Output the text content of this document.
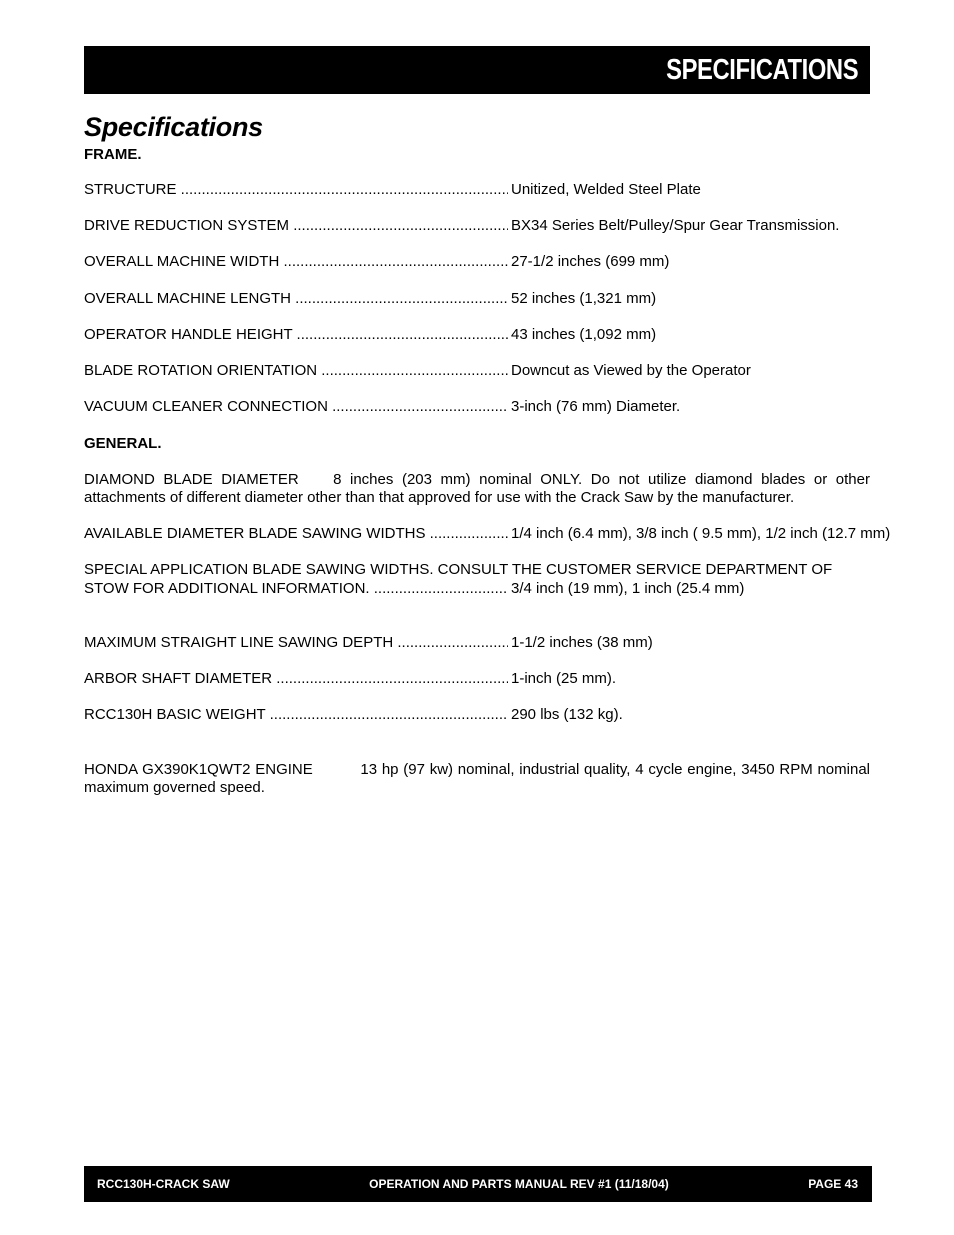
SPECIFICATIONS
Specifications
FRAME.
STRUCTURE .....	Unitized, Welded Steel Plate
DRIVE REDUCTION SYSTEM .....	BX34 Series Belt/Pulley/Spur Gear Transmission.
OVERALL MACHINE WIDTH .....	27-1/2 inches (699 mm)
OVERALL MACHINE LENGTH .....	52 inches (1,321 mm)
OPERATOR HANDLE HEIGHT .....	43 inches (1,092 mm)
BLADE ROTATION ORIENTATION .....	Downcut as Viewed by the Operator
VACUUM CLEANER CONNECTION .....	3-inch (76 mm) Diameter.
GENERAL.
DIAMOND BLADE DIAMETER    8 inches (203 mm) nominal ONLY. Do not utilize diamond blades or other attachments of different diameter other than that approved for use with the Crack Saw by the manufacturer.
AVAILABLE DIAMETER BLADE SAWING WIDTHS .....	1/4 inch (6.4 mm), 3/8 inch ( 9.5 mm), 1/2 inch (12.7 mm)
SPECIAL APPLICATION BLADE SAWING WIDTHS. CONSULT THE CUSTOMER SERVICE DEPARTMENT OF
STOW FOR ADDITIONAL INFORMATION. .....	3/4 inch (19 mm), 1 inch (25.4 mm)
MAXIMUM STRAIGHT LINE SAWING DEPTH .....	1-1/2 inches (38 mm)
ARBOR SHAFT DIAMETER .....	1-inch (25 mm).
RCC130H BASIC WEIGHT .....	290 lbs (132 kg).
HONDA GX390K1QWT2 ENGINE          13 hp (97 kw) nominal, industrial quality, 4 cycle engine, 3450 RPM nominal maximum governed speed.
RCC130H-CRACK SAW	OPERATION AND PARTS MANUAL REV #1 (11/18/04)	PAGE 43
